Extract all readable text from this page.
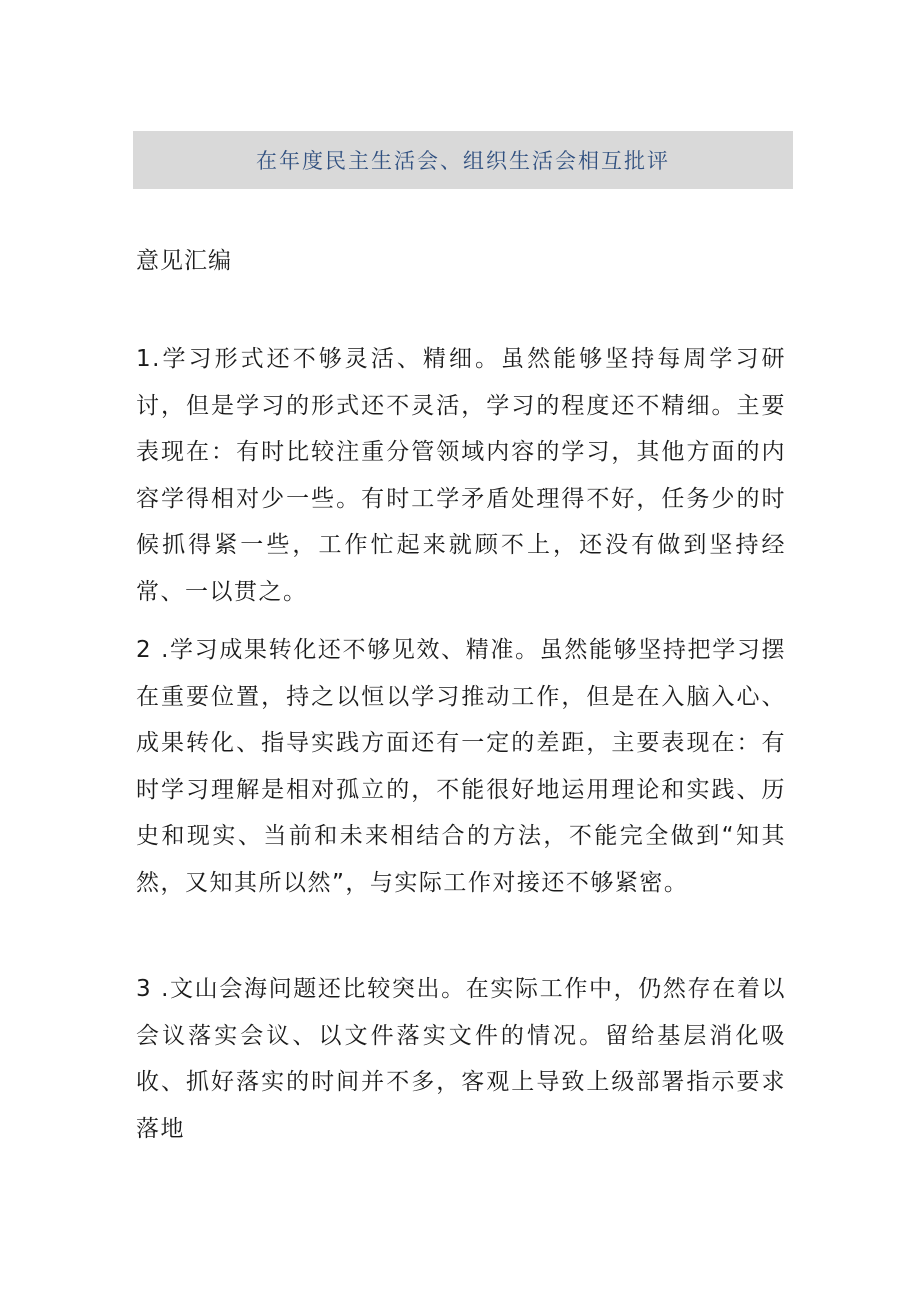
在年度民主生活会、组织生活会相互批评
意见汇编

1.学习形式还不够灵活、精细。虽然能够坚持每周学习研讨，但是学习的形式还不灵活，学习的程度还不精细。主要表现在：有时比较注重分管领域内容的学习，其他方面的内容学得相对少一些。有时工学矛盾处理得不好，任务少的时候抓得紧一些，工作忙起来就顾不上，还没有做到坚持经常、一以贯之。

2 .学习成果转化还不够见效、精准。虽然能够坚持把学习摆在重要位置，持之以恒以学习推动工作，但是在入脑入心、成果转化、指导实践方面还有一定的差距，主要表现在：有时学习理解是相对孤立的，不能很好地运用理论和实践、历史和现实、当前和未来相结合的方法，不能完全做到“知其然，又知其所以然”，与实际工作对接还不够紧密。

3 .文山会海问题还比较突出。在实际工作中，仍然存在着以会议落实会议、以文件落实文件的情况。留给基层消化吸收、抓好落实的时间并不多，客观上导致上级部署指示要求落地
